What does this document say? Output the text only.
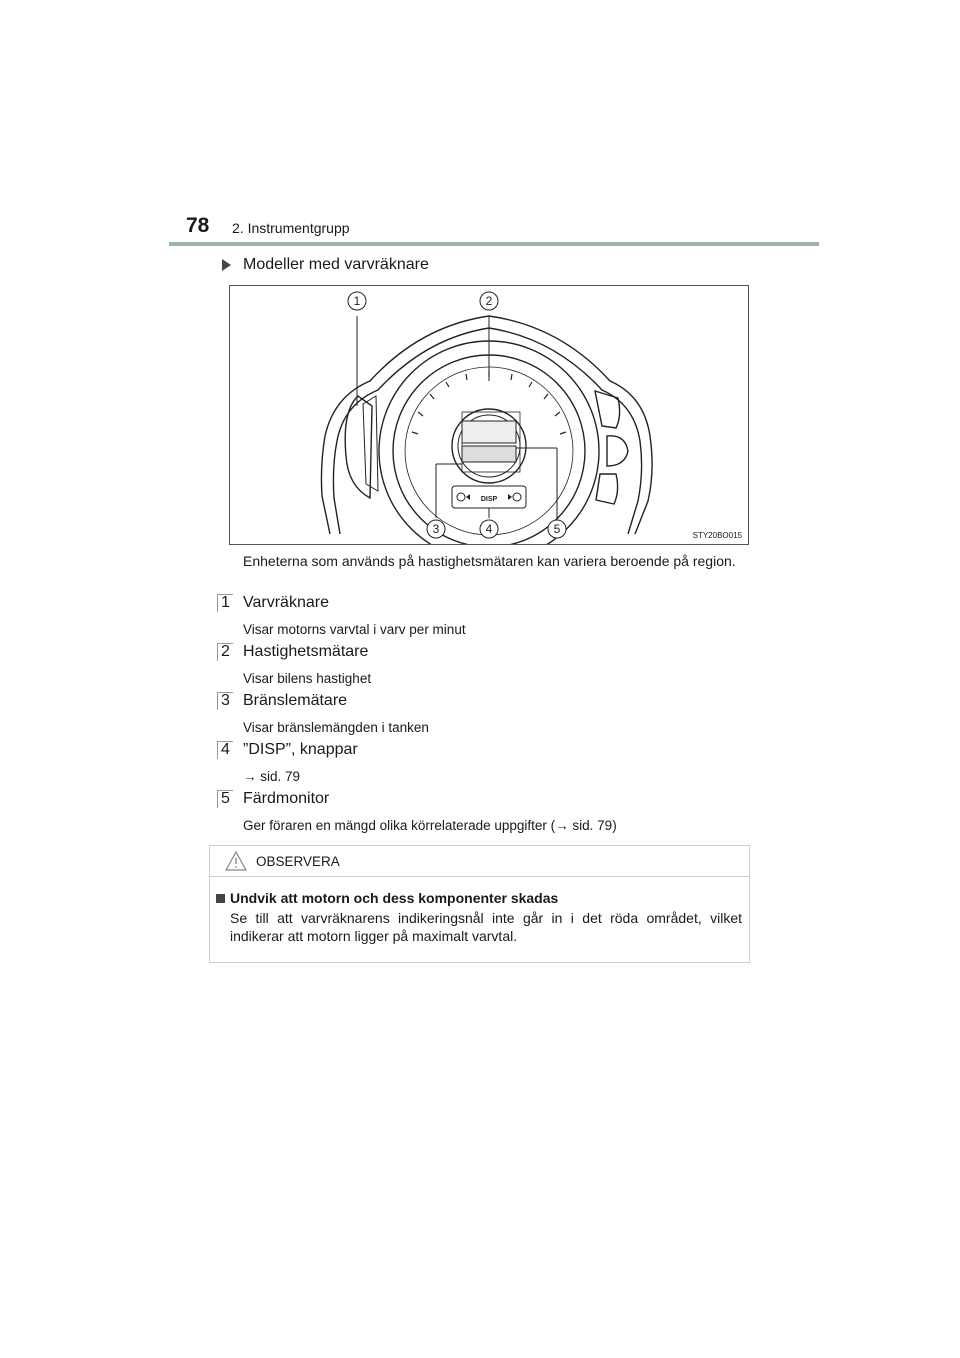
78 2. Instrumentgrupp
Modeller med varvräknare
1	2
3	4	5
DISP
STY20BO015
Enheterna som används på hastighetsmätaren kan variera beroende på region.
1 Varvräknare
Visar motorns varvtal i varv per minut
2 Hastighetsmätare
Visar bilens hastighet
3 Bränslemätare
Visar bränslemängden i tanken
4 ”DISP”, knappar
→ sid. 79
5 Färdmonitor
Ger föraren en mängd olika körrelaterade uppgifter (→ sid. 79)
OBSERVERA
Undvik att motorn och dess komponenter skadas
Se till att varvräknarens indikeringsnål inte går in i det röda området, vilket indikerar att motorn ligger på maximalt varvtal.
